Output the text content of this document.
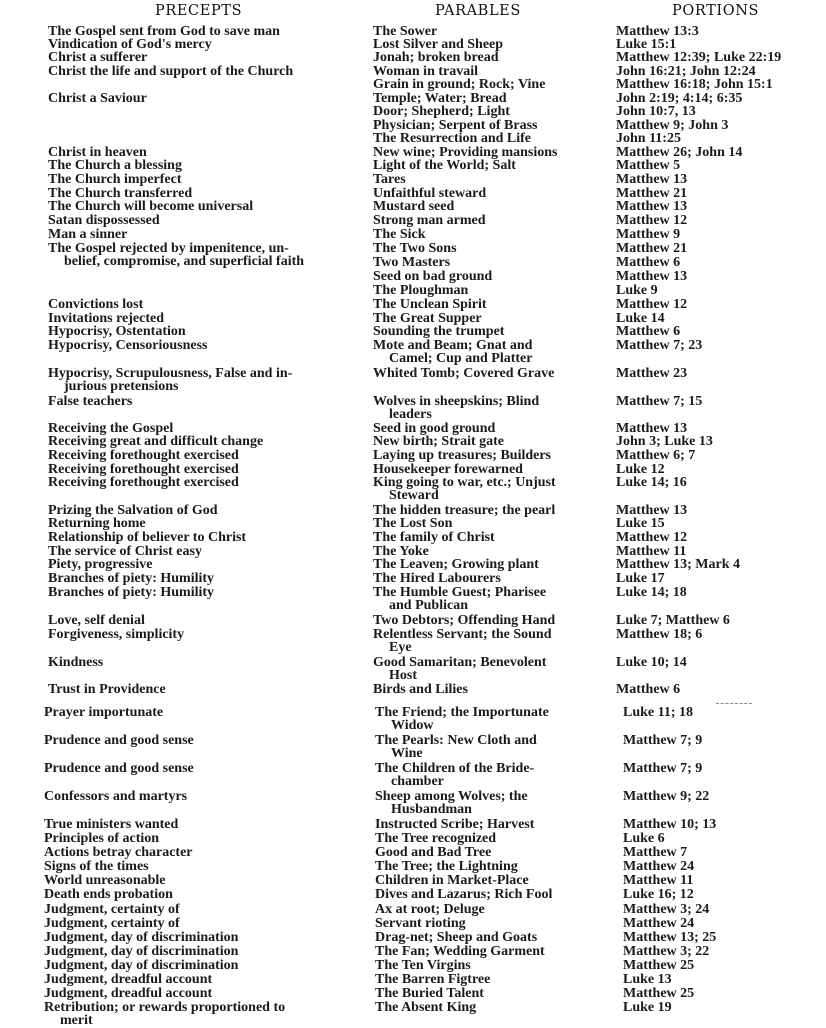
PRECEPTS	PARABLES	PORTIONS
The Gospel sent from God to save man
Vindication of God's mercy
Christ a sufferer
Christ the life and support of the Church
Christ a Saviour
Christ in heaven
The Church a blessing
The Church imperfect
The Church transferred
The Church will become universal
Satan dispossessed
Man a sinner
The Gospel rejected by impenitence, un-
belief, compromise, and superficial faith
Convictions lost
Invitations rejected
Hypocrisy, Ostentation
Hypocrisy, Censoriousness
Hypocrisy, Scrupulousness, False and in-
jurious pretensions
False teachers
Receiving the Gospel
Receiving great and difficult change
Receiving forethought exercised
Receiving forethought exercised
Receiving forethought exercised
Prizing the Salvation of God
Returning home
Relationship of believer to Christ
The service of Christ easy
Piety, progressive
Branches of piety: Humility
Branches of piety: Humility
Love, self denial
Forgiveness, simplicity
Kindness
Trust in Providence
Prayer importunate
Prudence and good sense
Prudence and good sense
Confessors and martyrs
True ministers wanted
Principles of action
Actions betray character
Signs of the times
World unreasonable
Death ends probation
Judgment, certainty of
Judgment, certainty of
Judgment, day of discrimination
Judgment, day of discrimination
Judgment, day of discrimination
Judgment, dreadful account
Judgment, dreadful account
Retribution; or rewards proportioned to
merit
The Sower
Lost Silver and Sheep
Jonah; broken bread
Woman in travail
Grain in ground; Rock; Vine
Temple; Water; Bread
Door; Shepherd; Light
Physician; Serpent of Brass
The Resurrection and Life
New wine; Providing mansions
Light of the World; Salt
Tares
Unfaithful steward
Mustard seed
Strong man armed
The Sick
The Two Sons
Two Masters
Seed on bad ground
The Ploughman
The Unclean Spirit
The Great Supper
Sounding the trumpet
Mote and Beam; Gnat and
Camel; Cup and Platter
Whited Tomb; Covered Grave
Wolves in sheepskins; Blind
leaders
Seed in good ground
New birth; Strait gate
Laying up treasures; Builders
Housekeeper forewarned
King going to war, etc.; Unjust
Steward
The hidden treasure; the pearl
The Lost Son
The family of Christ
The Yoke
The Leaven; Growing plant
The Hired Labourers
The Humble Guest; Pharisee
and Publican
Two Debtors; Offending Hand
Relentless Servant; the Sound
Eye
Good Samaritan; Benevolent
Host
Birds and Lilies
The Friend; the Importunate
Widow
The Pearls: New Cloth and
Wine
The Children of the Bride-
chamber
Sheep among Wolves; the
Husbandman
Instructed Scribe; Harvest
The Tree recognized
Good and Bad Tree
The Tree; the Lightning
Children in Market-Place
Dives and Lazarus; Rich Fool
Ax at root; Deluge
Servant rioting
Drag-net; Sheep and Goats
The Fan; Wedding Garment
The Ten Virgins
The Barren Figtree
The Buried Talent
The Absent King
Matthew 13:3
Luke 15:1
Matthew 12:39; Luke 22:19
John 16:21; John 12:24
Matthew 16:18; John 15:1
John 2:19; 4:14; 6:35
John 10:7, 13
Matthew 9; John 3
John 11:25
Matthew 26; John 14
Matthew 5
Matthew 13
Matthew 21
Matthew 13
Matthew 12
Matthew 9
Matthew 21
Matthew 6
Matthew 13
Luke 9
Matthew 12
Luke 14
Matthew 6
Matthew 7; 23
Matthew 23
Matthew 7; 15
Matthew 13
John 3; Luke 13
Matthew 6; 7
Luke 12
Luke 14; 16
Matthew 13
Luke 15
Matthew 12
Matthew 11
Matthew 13; Mark 4
Luke 17
Luke 14; 18
Luke 7; Matthew 6
Matthew 18; 6
Luke 10; 14
Matthew 6
Luke 11; 18
Matthew 7; 9
Matthew 7; 9
Matthew 9; 22
Matthew 10; 13
Luke 6
Matthew 7
Matthew 24
Matthew 11
Luke 16; 12
Matthew 3; 24
Matthew 24
Matthew 13; 25
Matthew 3; 22
Matthew 25
Luke 13
Matthew 25
Luke 19
